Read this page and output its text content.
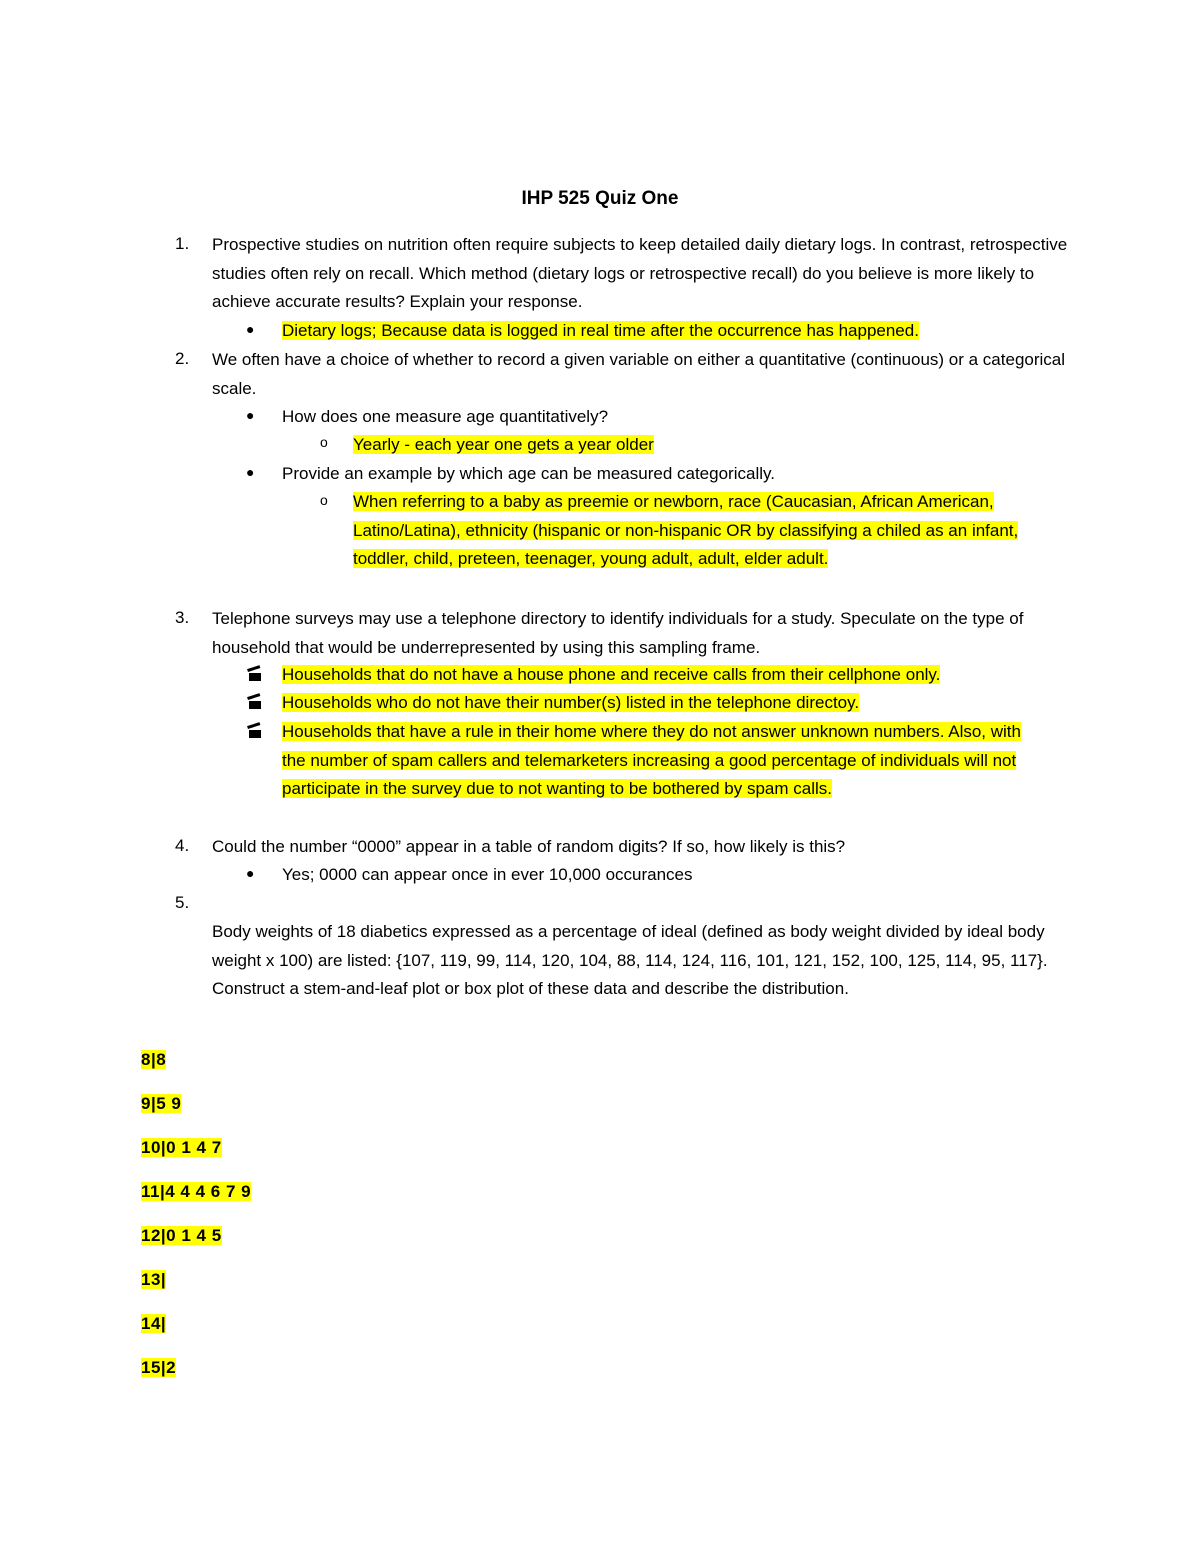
IHP 525 Quiz One
1. Prospective studies on nutrition often require subjects to keep detailed daily dietary logs. In contrast, retrospective studies often rely on recall. Which method (dietary logs or retrospective recall) do you believe is more likely to achieve accurate results? Explain your response.
● Dietary logs; Because data is logged in real time after the occurrence has happened.
2. We often have a choice of whether to record a given variable on either a quantitative (continuous) or a categorical scale.
● How does one measure age quantitatively?
o Yearly - each year one gets a year older
● Provide an example by which age can be measured categorically.
o When referring to a baby as preemie or newborn, race (Caucasian, African American, Latino/Latina), ethnicity (hispanic or non-hispanic OR by classifying a chiled as an infant, toddler, child, preteen, teenager, young adult, adult, elder adult.
3. Telephone surveys may use a telephone directory to identify individuals for a study. Speculate on the type of household that would be underrepresented by using this sampling frame.
Households that do not have a house phone and receive calls from their cellphone only.
Households who do not have their number(s) listed in the telephone directoy.
Households that have a rule in their home where they do not answer unknown numbers. Also, with the number of spam callers and telemarketers increasing a good percentage of individuals will not participate in the survey due to not wanting to be bothered by spam calls.
4. Could the number “0000” appear in a table of random digits? If so, how likely is this?
● Yes; 0000 can appear once in ever 10,000 occurances
5.
Body weights of 18 diabetics expressed as a percentage of ideal (defined as body weight divided by ideal body weight x 100) are listed: {107, 119, 99, 114, 120, 104, 88, 114, 124, 116, 101, 121, 152, 100, 125, 114, 95, 117}. Construct a stem-and-leaf plot or box plot of these data and describe the distribution.
8|8
9|5 9
10|0 1 4 7
11|4 4 4 6 7 9
12|0 1 4 5
13|
14|
15|2
